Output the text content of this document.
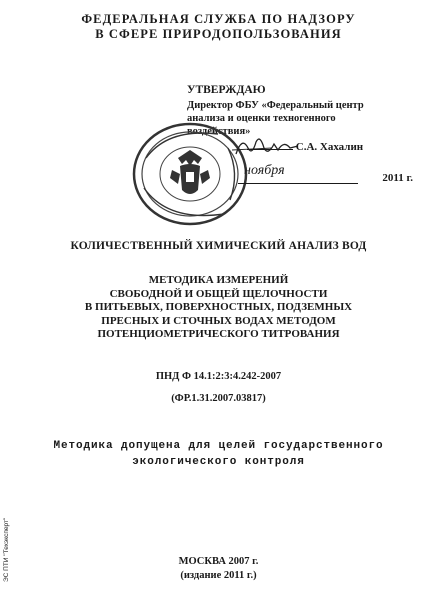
ФЕДЕРАЛЬНАЯ СЛУЖБА ПО НАДЗОРУ
В СФЕРЕ ПРИРОДОПОЛЬЗОВАНИЯ
УТВЕРЖДАЮ
Директор ФБУ «Федеральный центр
анализа и оценки техногенного
воздействия»
С.А. Хахалин
2011 г.
ноября
КОЛИЧЕСТВЕННЫЙ ХИМИЧЕСКИЙ АНАЛИЗ ВОД
МЕТОДИКА ИЗМЕРЕНИЙ
СВОБОДНОЙ И ОБЩЕЙ ЩЕЛОЧНОСТИ
В ПИТЬЕВЫХ, ПОВЕРХНОСТНЫХ, ПОДЗЕМНЫХ
ПРЕСНЫХ И СТОЧНЫХ ВОДАХ МЕТОДОМ
ПОТЕНЦИОМЕТРИЧЕСКОГО ТИТРОВАНИЯ
ПНД Ф 14.1:2:3:4.242-2007
(ФР.1.31.2007.03817)
Методика допущена для целей государственного
экологического контроля
МОСКВА 2007 г.
(издание 2011 г.)
ЭС ПТИ "Техэксперт"
